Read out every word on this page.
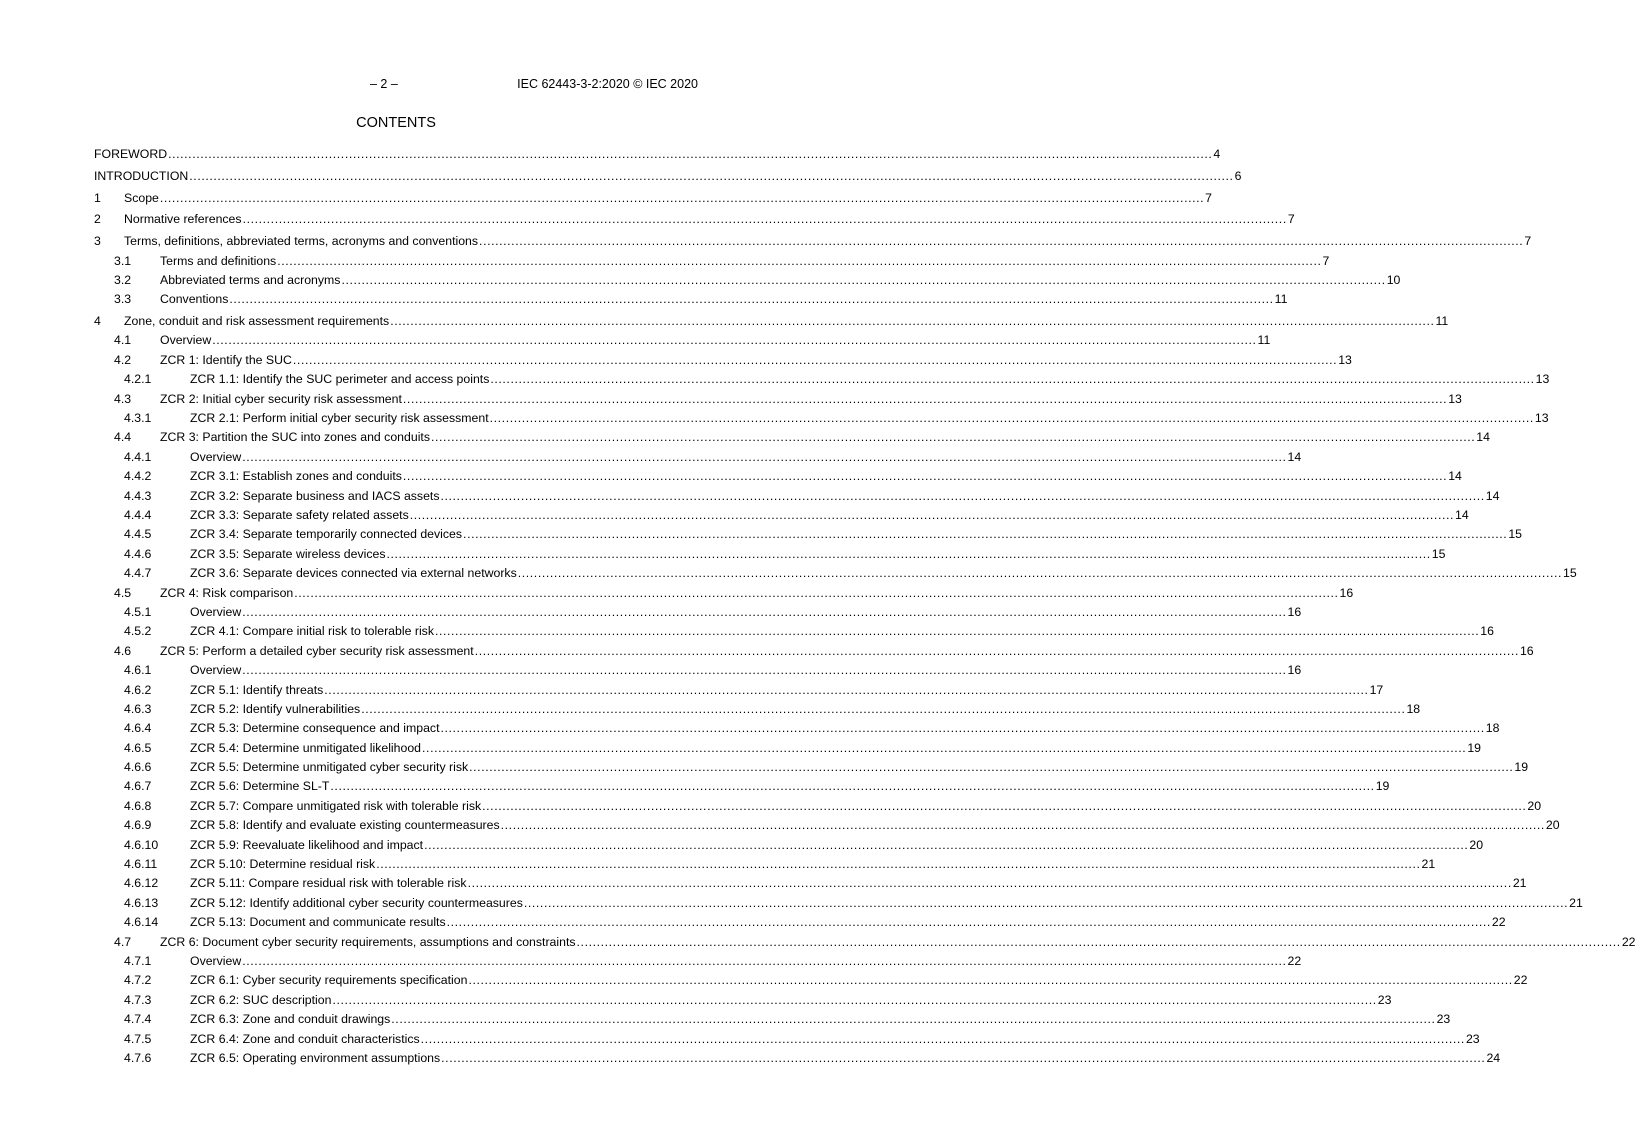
– 2 –	IEC 62443-3-2:2020 © IEC 2020
CONTENTS
FOREWORD .................................................................................................................................................................................................................................................................... 4
INTRODUCTION .................................................................................................................................................................................................................................................................... 6
1	Scope .................................................................................................................................................................................................................................................................... 7
2	Normative references .................................................................................................................................................................................................................................................................... 7
3	Terms, definitions, abbreviated terms, acronyms and conventions .................................................................................................................................................................................................................................................................... 7
3.1	Terms and definitions .................................................................................................................................................................................................................................................................... 7
3.2	Abbreviated terms and acronyms .................................................................................................................................................................................................................................................................... 10
3.3	Conventions .................................................................................................................................................................................................................................................................... 11
4	Zone, conduit and risk assessment requirements .................................................................................................................................................................................................................................................................... 11
4.1	Overview .................................................................................................................................................................................................................................................................... 11
4.2	ZCR 1: Identify the SUC .................................................................................................................................................................................................................................................................... 13
4.2.1	ZCR 1.1: Identify the SUC perimeter and access points .................................................................................................................................................................................................................................................................... 13
4.3	ZCR 2: Initial cyber security risk assessment .................................................................................................................................................................................................................................................................... 13
4.3.1	ZCR 2.1: Perform initial cyber security risk assessment .................................................................................................................................................................................................................................................................... 13
4.4	ZCR 3: Partition the SUC into zones and conduits .................................................................................................................................................................................................................................................................... 14
4.4.1	Overview .................................................................................................................................................................................................................................................................... 14
4.4.2	ZCR 3.1: Establish zones and conduits .................................................................................................................................................................................................................................................................... 14
4.4.3	ZCR 3.2: Separate business and IACS assets .................................................................................................................................................................................................................................................................... 14
4.4.4	ZCR 3.3: Separate safety related assets .................................................................................................................................................................................................................................................................... 14
4.4.5	ZCR 3.4: Separate temporarily connected devices .................................................................................................................................................................................................................................................................... 15
4.4.6	ZCR 3.5: Separate wireless devices .................................................................................................................................................................................................................................................................... 15
4.4.7	ZCR 3.6: Separate devices connected via external networks .................................................................................................................................................................................................................................................................... 15
4.5	ZCR 4: Risk comparison .................................................................................................................................................................................................................................................................... 16
4.5.1	Overview .................................................................................................................................................................................................................................................................... 16
4.5.2	ZCR 4.1: Compare initial risk to tolerable risk .................................................................................................................................................................................................................................................................... 16
4.6	ZCR 5: Perform a detailed cyber security risk assessment .................................................................................................................................................................................................................................................................... 16
4.6.1	Overview .................................................................................................................................................................................................................................................................... 16
4.6.2	ZCR 5.1: Identify threats .................................................................................................................................................................................................................................................................... 17
4.6.3	ZCR 5.2: Identify vulnerabilities .................................................................................................................................................................................................................................................................... 18
4.6.4	ZCR 5.3: Determine consequence and impact .................................................................................................................................................................................................................................................................... 18
4.6.5	ZCR 5.4: Determine unmitigated likelihood .................................................................................................................................................................................................................................................................... 19
4.6.6	ZCR 5.5: Determine unmitigated cyber security risk .................................................................................................................................................................................................................................................................... 19
4.6.7	ZCR 5.6: Determine SL-T .................................................................................................................................................................................................................................................................... 19
4.6.8	ZCR 5.7: Compare unmitigated risk with tolerable risk .................................................................................................................................................................................................................................................................... 20
4.6.9	ZCR 5.8: Identify and evaluate existing countermeasures .................................................................................................................................................................................................................................................................... 20
4.6.10	ZCR 5.9: Reevaluate likelihood and impact .................................................................................................................................................................................................................................................................... 20
4.6.11	ZCR 5.10: Determine residual risk .................................................................................................................................................................................................................................................................... 21
4.6.12	ZCR 5.11: Compare residual risk with tolerable risk .................................................................................................................................................................................................................................................................... 21
4.6.13	ZCR 5.12: Identify additional cyber security countermeasures .................................................................................................................................................................................................................................................................... 21
4.6.14	ZCR 5.13: Document and communicate results .................................................................................................................................................................................................................................................................... 22
4.7	ZCR 6: Document cyber security requirements, assumptions and constraints .................................................................................................................................................................................................................................................................... 22
4.7.1	Overview .................................................................................................................................................................................................................................................................... 22
4.7.2	ZCR 6.1: Cyber security requirements specification .................................................................................................................................................................................................................................................................... 22
4.7.3	ZCR 6.2: SUC description .................................................................................................................................................................................................................................................................... 23
4.7.4	ZCR 6.3: Zone and conduit drawings .................................................................................................................................................................................................................................................................... 23
4.7.5	ZCR 6.4: Zone and conduit characteristics .................................................................................................................................................................................................................................................................... 23
4.7.6	ZCR 6.5: Operating environment assumptions .................................................................................................................................................................................................................................................................... 24
